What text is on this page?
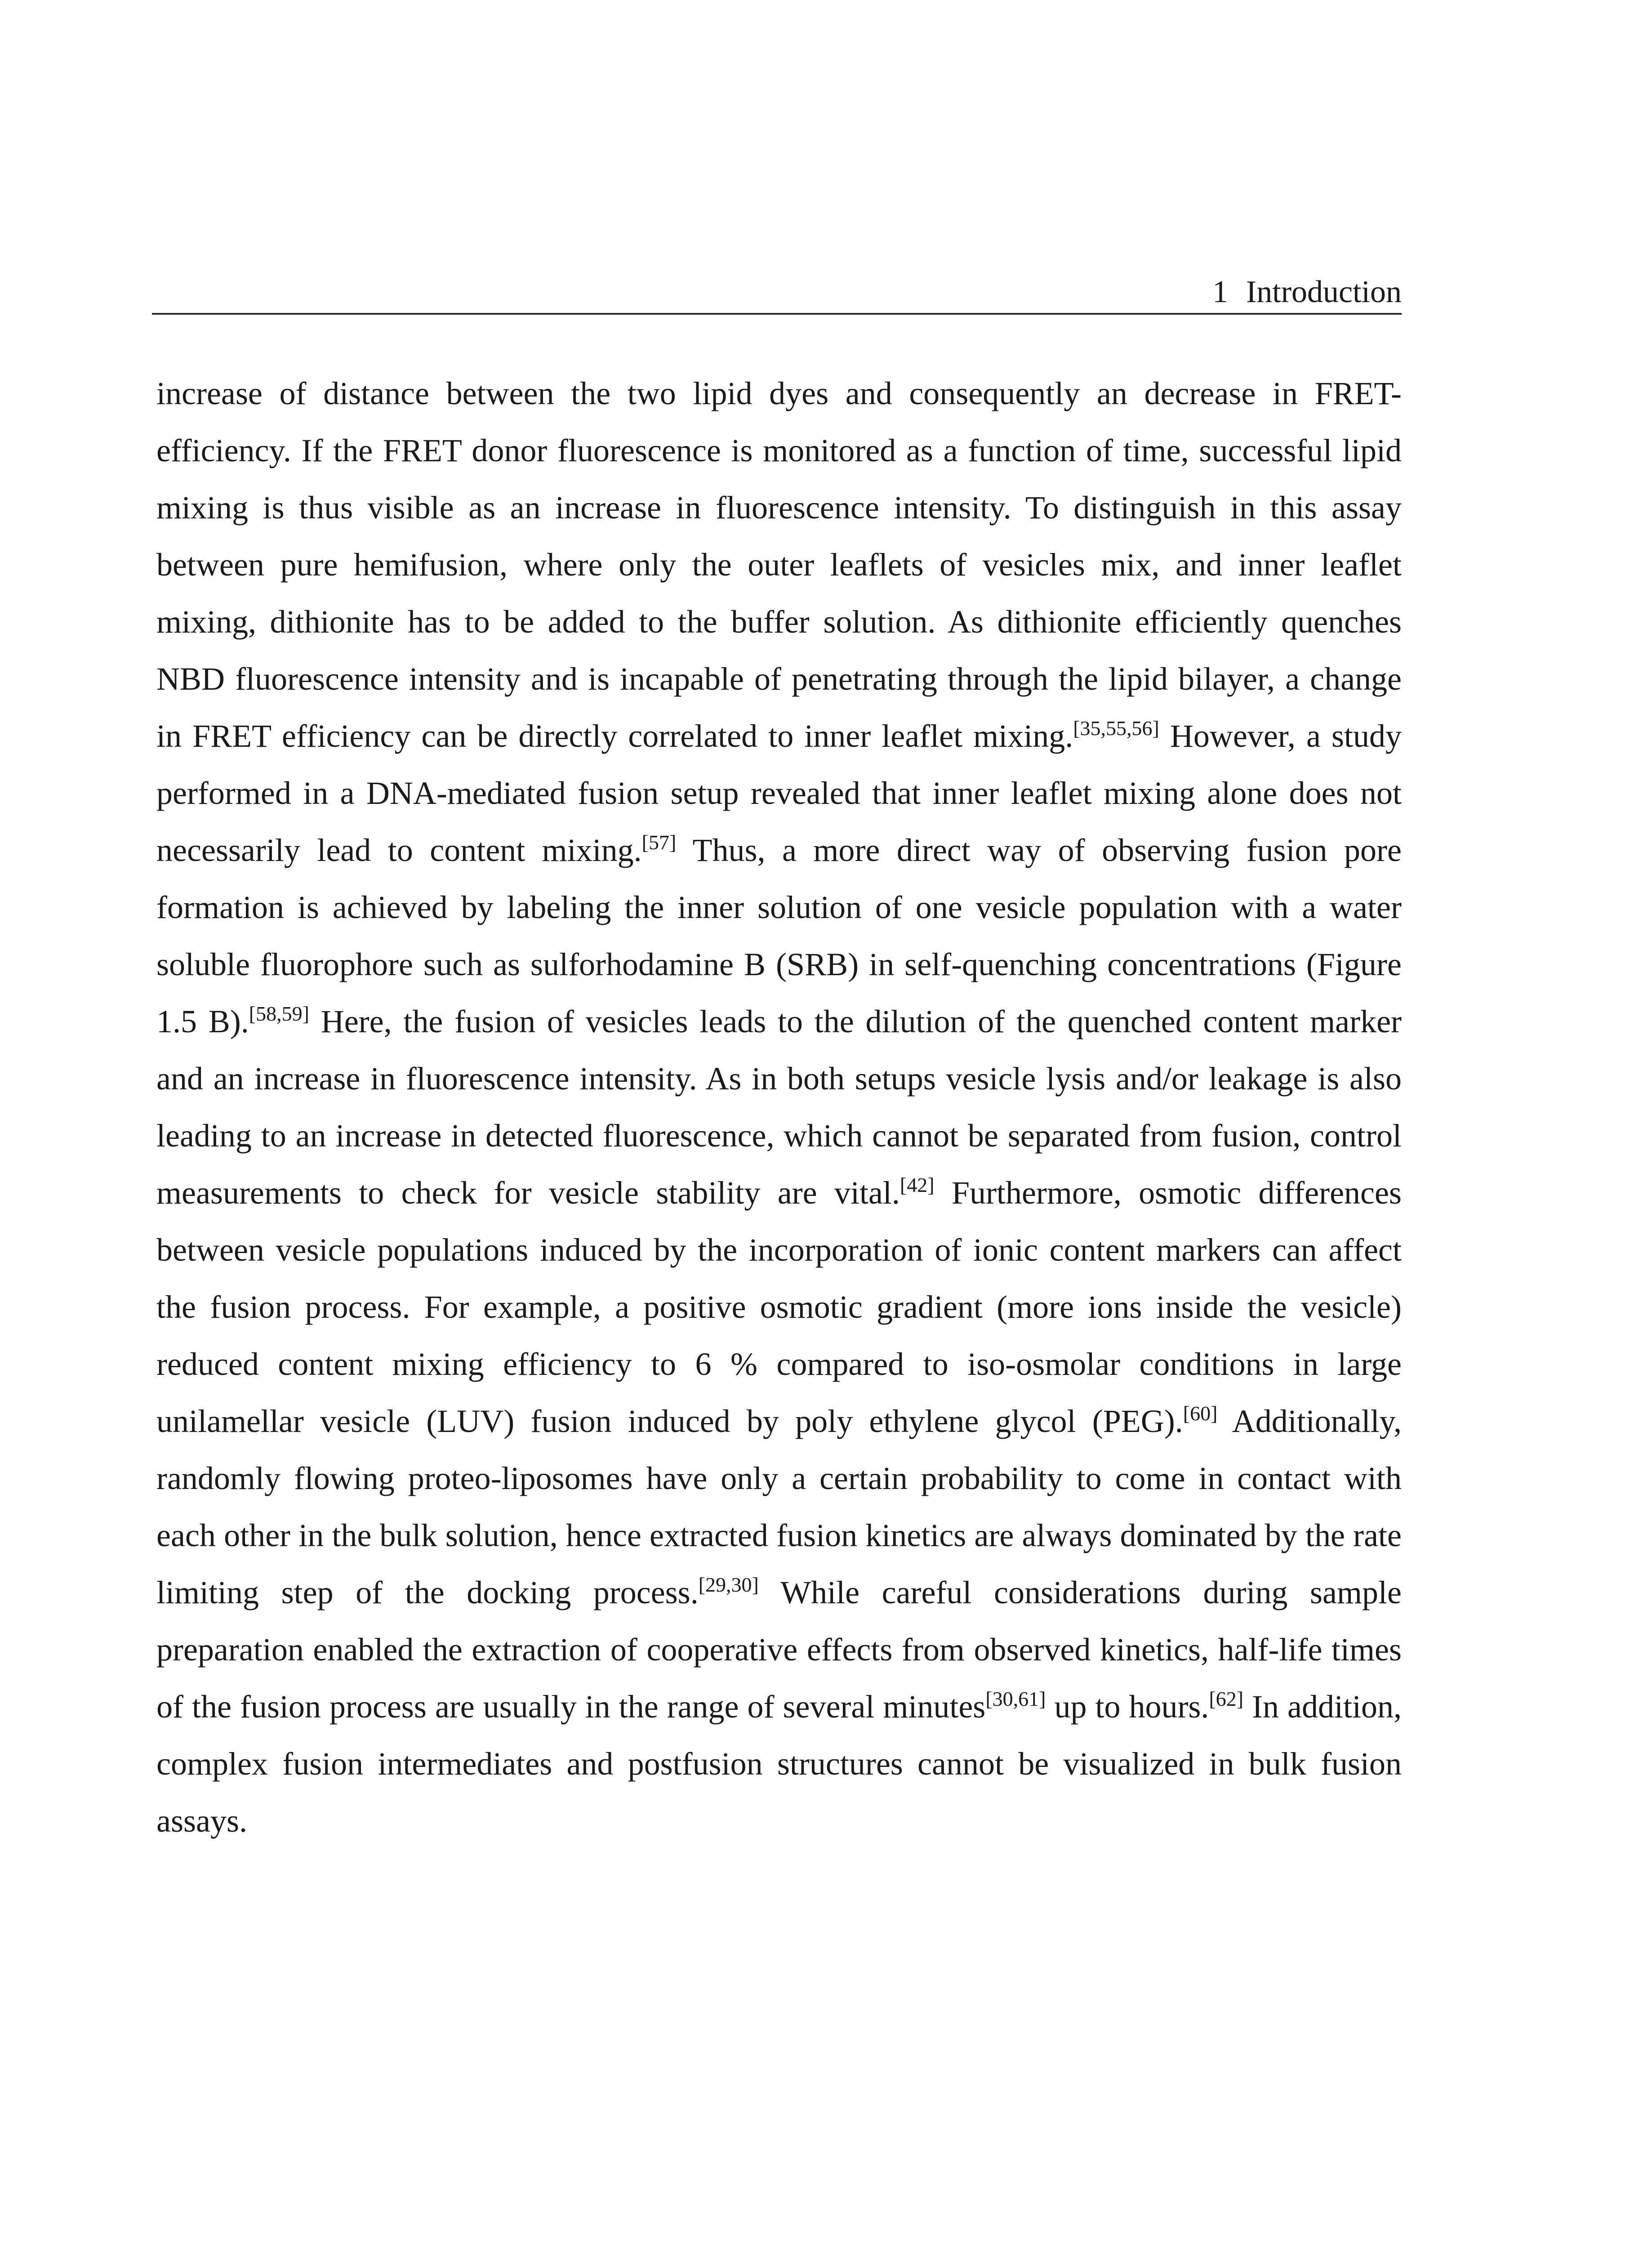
1 Introduction

increase of distance between the two lipid dyes and consequently an decrease in FRET-efficiency. If the FRET donor fluorescence is monitored as a function of time, successful lipid mixing is thus visible as an increase in fluorescence intensity. To distinguish in this assay between pure hemifusion, where only the outer leaflets of vesicles mix, and inner leaflet mixing, dithionite has to be added to the buffer solution. As dithionite efficiently quenches NBD fluorescence intensity and is incapable of penetrating through the lipid bilayer, a change in FRET efficiency can be directly correlated to inner leaflet mixing.[35,55,56] However, a study performed in a DNA-mediated fusion setup revealed that inner leaflet mixing alone does not necessarily lead to content mixing.[57] Thus, a more direct way of observing fusion pore formation is achieved by labeling the inner solution of one vesicle population with a water soluble fluorophore such as sulforhodamine B (SRB) in self-quenching concentrations (Figure 1.5 B).[58,59] Here, the fusion of vesicles leads to the dilution of the quenched content marker and an increase in fluorescence intensity. As in both setups vesicle lysis and/or leakage is also leading to an increase in detected fluorescence, which cannot be separated from fusion, control measurements to check for vesicle stability are vital.[42] Furthermore, osmotic differences between vesicle populations induced by the incorporation of ionic content markers can affect the fusion process. For example, a positive osmotic gradient (more ions inside the vesicle) reduced content mixing efficiency to 6 % compared to iso-osmolar conditions in large unilamellar vesicle (LUV) fusion induced by poly ethylene glycol (PEG).[60] Additionally, randomly flowing proteo-liposomes have only a certain probability to come in contact with each other in the bulk solution, hence extracted fusion kinetics are always dominated by the rate limiting step of the docking process.[29,30] While careful considerations during sample preparation enabled the extraction of cooperative effects from observed kinetics, half-life times of the fusion process are usually in the range of several minutes[30,61] up to hours.[62] In addition, complex fusion intermediates and postfusion structures cannot be visualized in bulk fusion assays.
